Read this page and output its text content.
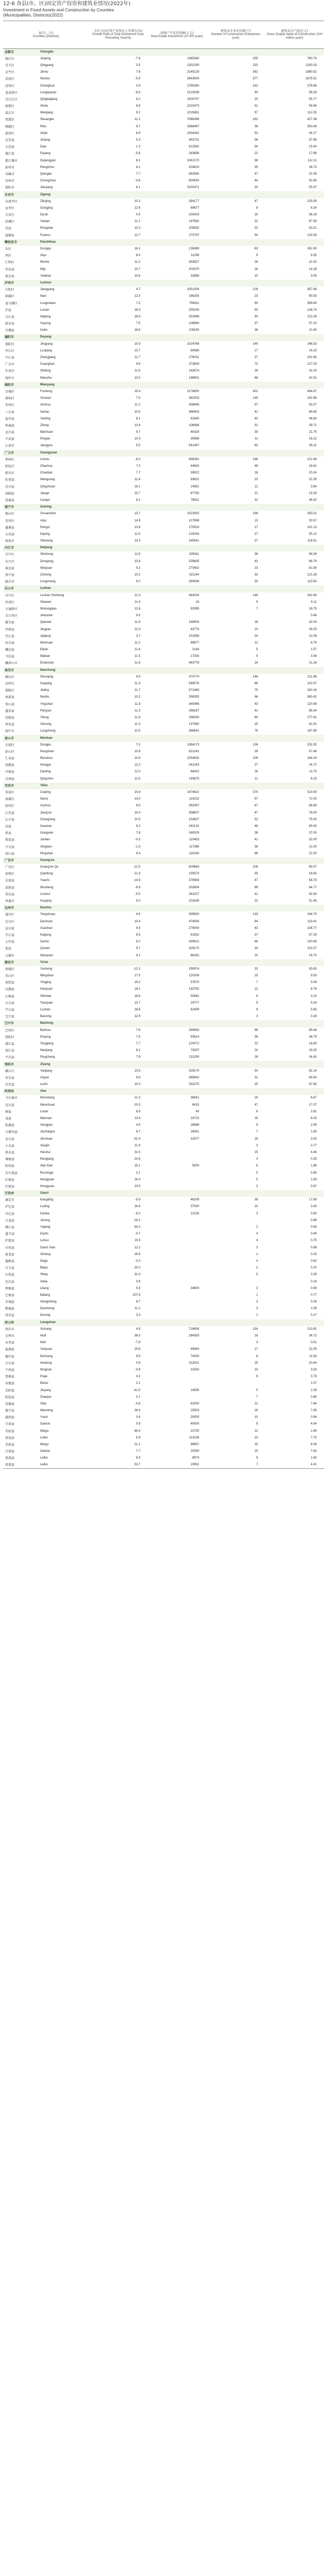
12-6 各县(市、区)固定资产投资和建筑业情况(2022年)
Investment in Fixed Assets and Construction by Counties
(Municipalities, Districts)(2022)
县(市、区)
Counties (Districts)		全社会固定资产投资比上年增长(%)
Growth Rate of Total Investment Over Preceding Year(%)	房地产开发投资额(万元)
Real Estate Investment (10 000 yuan)	建筑业企业单位数(个)
Number of Construction Enterprises (unit)	建筑业总产值(亿元)
Gross Output Value of Construction (100 million yuan)
成都市	Chengdu				
锦江区	Jinjiang	-7.6	1365340	255	780.74
青羊区	Qingyang	3.5	1301290	232	1193.33
金牛区	Jinniu	7.6	2145129	362	1560.52
武侯区	Wuhou	-5.5	2643004	577	1675.52
成华区	Chenghua	0.9	2785260	162	378.66
龙泉驿区	Longquanyi	-8.5	2123038	90	56.33
青白江区	Qingbaijiang	6.2	1000707	20	55.77
新都区	Xindu	8.9	2223473	51	59.56
温江区	Wenjiang	5.2	2215691	57	112.25
双流区	Shuangliu	11.2	7086286	162	427.38
郫都区	Pidu	9.7	1968497	38	300.48
新津区	Xinjin	6.9	1534432	53	44.17
金堂县	Jintang	5.3	453731	56	57.99
大邑县	Dayi	1.3	612592	54	15.40
蒲江县	Pujiang	-5.6	243656	22	17.69
都江堰市	Dujiangyan	8.1	1042170	66	112.11
彭州市	Pengzhou	8.1	524610	35	38.73
邛崃市	Qionglai	7.7	582565	47	22.35
崇州市	Chongzhou	-0.8	900554	44	52.65
简阳市	Jianyang	6.1	3150471	33	55.37
自贡市	Zigong				
自流井区	Ziliujing	10.2	394177	47	225.93
贡井区	Gongjing	12.6	69877	8	8.24
大安区	Da'an	0.5	225403	19	36.18
沿滩区	Yantan	11.1	197582	32	87.59
荣县	Rongxian	10.3	205592	23	53.21
富顺县	Fushun	12.7	273797	54	132.59
攀枝花市	Panzhihua				
东区	Dongqu	16.1	216369	63	261.50
西区	Xiqu	8.0	11299	9	9.35
仁和区	Renhe	11.2	353927	26	22.42
米易县	Miyi	10.7	202370	16	14.28
盐边县	Yanbian	10.6	32899	10	3.05
泸州市	Luzhou				
江阳区	Jiangyang	4.7	1051306	109	357.48
纳溪区	Naxi	12.0	186255	23	90.53
龙马潭区	Longmatan	7.2	759611	93	359.69
泸县	Luxian	18.3	255165	53	128.74
合江县	Hejiang	18.9	331988	90	222.26
叙永县	Xuyong	7.5	106984	37	57.10
古蔺县	Gulin	18.6	108190	36	21.60
德阳市	Deyang				
旌阳区	Jingyang	10.9	1024768	149	246.53
罗江区	Luojiang	10.7	90566	17	24.23
中江县	Zhongjiang	11.7	276031	37	202.45
广汉市	Guanghan	9.6	373809	73	127.03
什邡市	Shifang	11.5	162674	29	41.03
绵竹市	Mianzhu	10.5	186901	48	42.51
绵阳市	Mianyang				
涪城区	Fucheng	15.4	2178800	401	484.67
游仙区	Youxian	7.5	362303	149	192.98
安州区	Anzhou	11.2	436948	57	53.37
三台县	Santai	10.5	366403	41	69.69
盐亭县	Yanting	8.1	81645	40	46.83
梓潼县	Zitong	10.6	106988	31	39.71
北川县	Beichuan	9.7	46329	30	21.75
平武县	Pingwu	10.3	30586	11	16.22
江油市	Jiangyou	5.5	541497	63	85.11
广元市	Guangyuan				
利州区	Lizhou	-6.2	896281	188	121.99
昭化区	Zhaohua	7.0	44633	48	16.61
朝天区	Chaotian	7.7	55922	16	20.24
旺苍县	Wangcang	11.6	93622	23	31.35
青川县	Qingchuan	16.1	10651	11	3.64
剑阁县	Jiange	15.7	67750	21	15.29
苍溪县	Cangxi	8.1	78611	31	49.42
遂宁市	Suining				
船山区	Chuanshan	13.7	1023302	188	250.01
安居区	Anju	14.9	127696	13	33.57
蓬溪县	Pengxi	13.6	270919	27	101.13
大英县	Daying	12.5	125264	27	55.12
射洪市	Shehong	13.3	165941	27	118.51
内江市	Neijiang				
市中区	Shizhong	12.8	325911	36	96.39
东兴区	Dongxing	10.8	535605	43	96.79
威远县	Weiyuan	9.2	273402	23	81.90
资中县	Zizhong	10.2	321144	33	121.33
隆昌市	Longchang	9.2	280836	33	113.54
乐山市	Leshan				
市中区	Leshan Shizhong	12.3	464204	149	191.69
沙湾区	Shawan	11.4	16	5	6.11
五通桥区	Wutongqiao	12.6	92995	7	16.75
金口河区	Jinkouhe	9.0			0.46
犍为县	Qianwei	11.8	169904	18	32.03
井研县	Jingyan	12.3	43774	10	26.03
夹江县	Jiajiang	3.7	151956	24	21.09
沐川县	Muchuan	11.2	66877	12	6.76
峨边县	Ebian	11.8	2164	5	1.57
马边县	Mabian	11.5	17330	9	3.06
峨眉山市	Emeishan	11.6	443779	24	21.18
南充市	Nanchong				
顺庆区	Shunqing	9.5	370774	146	211.96
高坪区	Gaoping	11.3	548076	86	102.07
嘉陵区	Jialing	11.7	571484	75	160.16
南部县	Nanbu	10.2	356283	66	363.42
营山县	Yingshan	11.9	345466	43	120.56
蓬安县	Peng'an	11.3	286187	41	85.34
仪陇县	Yilong	11.8	296290	80	277.61
西充县	Xichong	11.3	137480	25	81.01
阆中市	Langzhong	10.5	366641	75	197.89
眉山市	Meishan				
东坡区	Dongpo	7.0	1384173	136	232.30
彭山区	Pengshan	10.9	821241	39	57.46
仁寿县	Renshou	10.8	2254832	109	184.24
洪雅县	Hongya	12.2	241243	27	24.72
丹棱县	Danling	12.0	68422	16	11.70
青神县	Qingshen	12.5	193875	11	8.23
宜宾市	Yibin				
翠屏区	Cuiping	10.8	1474622	370	313.00
南溪区	Nanxi	13.0	114222	57	72.00
叙州区	Xuzhou	9.5	392067	47	68.89
江安县	Jiang'an	10.4	356607	47	78.00
长宁县	Changning	10.5	153837	52	75.00
高县	Gaoxian	9.2	242131	48	65.00
珙县	Gongxian	7.8	160029	38	37.00
筠连县	Junlian	-0.3	110453	41	32.00
兴文县	Xingwen	-1.3	117386	36	21.00
屏山县	Pingshan	9.4	115160	66	21.00
广安市	Guang'an				
广安区	Guang'an Qu	-12.5	600663	108	69.07
前锋区	Qianfeng	-11.9	155570	33	18.60
岳池县	Yuechi	-14.9	379963	47	58.79
武胜县	Wusheng	-6.9	332604	69	64.77
邻水县	Linshui	-5.5	261027	41	92.54
华蓥市	Huaying	9.0	101636	22	51.49
达州市	Dazhou				
通川区	Tongchuan	9.6	935600	133	164.70
达川区	Dachuan	10.4	474094	64	119.41
宣汉县	Xuanhan	9.9	279000	43	108.77
开江县	Kaijiang	9.5	61832	27	57.19
大竹县	Dazhu	9.2	430612	46	130.69
渠县	Quxian	9.7	319170	34	131.07
万源市	Wanyuan	9.1	66182	20	16.70
雅安市	Ya'an				
雨城区	Yucheng	-12.2	290574	33	93.63
名山区	Mingshan	17.5	120206	15	9.53
荥经县	Yingjing	19.2	57670	7	3.09
汉源县	Hanyuan	19.1	132762	12	8.78
石棉县	Shimian	16.6	50581	6	3.23
天全县	Tianquan	13.7	24777	9	5.34
芦山县	Lushan	18.6	61609	9	5.83
宝兴县	Baoxing	12.9		3	0.28
巴中市	Bazhong				
巴州区	Bazhou	7.6	290563	99	89.48
恩阳区	Enyang	7.5	93514	36	36.79
通江县	Tongjiang	7.7	120072	23	16.83
南江县	Nanjiang	8.1	73007	24	29.25
平昌县	Pingchang	7.9	131250	26	24.42
资阳市	Ziyang				
雁江区	Yanjiang	10.9	529170	54	82.14
安岳县	Anyue	9.6	385842	31	69.54
乐至县	Lezhi	10.4	292275	25	67.60
阿坝州	Aba				
马尔康市	Ma'erkang	21.3	36641	16	6.67
汶川县	Wenchuan	20.0	6415	47	17.07
理县	Lixian	6.9	40	8	2.81
茂县	Maoxian	13.4	24715	18	8.03
松潘县	Songpan	4.5	28888	9	2.59
九寨沟县	Jiuzhaigou	8.7	16541	7	1.83
金川县	Jinchuan	-32.4	31977	19	3.03
小金县	Xiaojin	11.9		3	0.77
黑水县	Heishui	31.5		15	4.46
壤塘县	Rangtang	22.6		3	0.25
阿坝县	Aba Xian	15.1	5000	6	1.86
若尔盖县	Ruo'ergai	2.1		5	0.85
红原县	Hongyuan	16.4		5	1.63
红原县	Hongyuan	23.9		3	0.87
甘孜州	Ganzi				
康定市	Kangding	-5.9	46209	39	17.69
泸定县	Luding	16.6	37000	10	3.43
丹巴县	Danba	-6.2	12100	3	0.83
九龙县	Jiulong	-16.1			0.88
雅江县	Yajiang	64.2		2	0.58
道孚县	Daofu	-3.7		4	0.49
炉霍县	Luhuo	15.5		4	0.75
甘孜县	Ganzi Xian	12.2		3	0.98
新龙县	Xinlong	29.9		2	0.23
德格县	Dege	-0.3		4	0.62
白玉县	Baiyu	20.2		2	0.20
石渠县	Shiqu	31.9		5	0.39
色达县	Seda	0.8			0.16
理塘县	Litang	5.9	34600	3	0.59
巴塘县	Batang	207.5		1	0.77
乡城县	Xiangcheng	8.7		3	0.26
稻城县	Daocheng	11.2		3	1.09
得荣县	Derong	3.3		2	0.17
凉山州	Liangshan				
西昌市	Xichang	4.9	718608	134	213.82
会理市	Huili	36.5	284393	18	34.72
木里县	Muli	-7.8		3	0.51
盐源县	Yanyuan	20.8	46854	17	22.05
德昌县	Dechang	9.9	74000	8	11.54
会东县	Huidong	0.9	222001	25	20.44
宁南县	Ningnan	-0.9	21500	10	3.53
普格县	Puge	4.2		9	0.78
布拖县	Butuo	2.2			1.07
金阳县	Jinyang	-41.5	14595	5	2.39
昭觉县	Zhaojue	0.1		7	0.85
喜德县	Xide	-0.8	82000	21	7.64
冕宁县	Mianning	26.4	15503	16	7.45
越西县	Yuexi	0.6	20500	10	0.94
甘洛县	Ganluo	0.9	40000	8	4.04
美姑县	Meigu	80.4	22700	12	2.95
雷波县	Leibo	5.9	113228	23	7.73
美姑县	Meigu	21.1	99657	15	6.08
甘洛县	Ganluo	7.7	20050	15	7.62
雷波县	Leibo	8.9	8974	9	1.63
雷波县	Leibo	53.7	10951	7	4.41
